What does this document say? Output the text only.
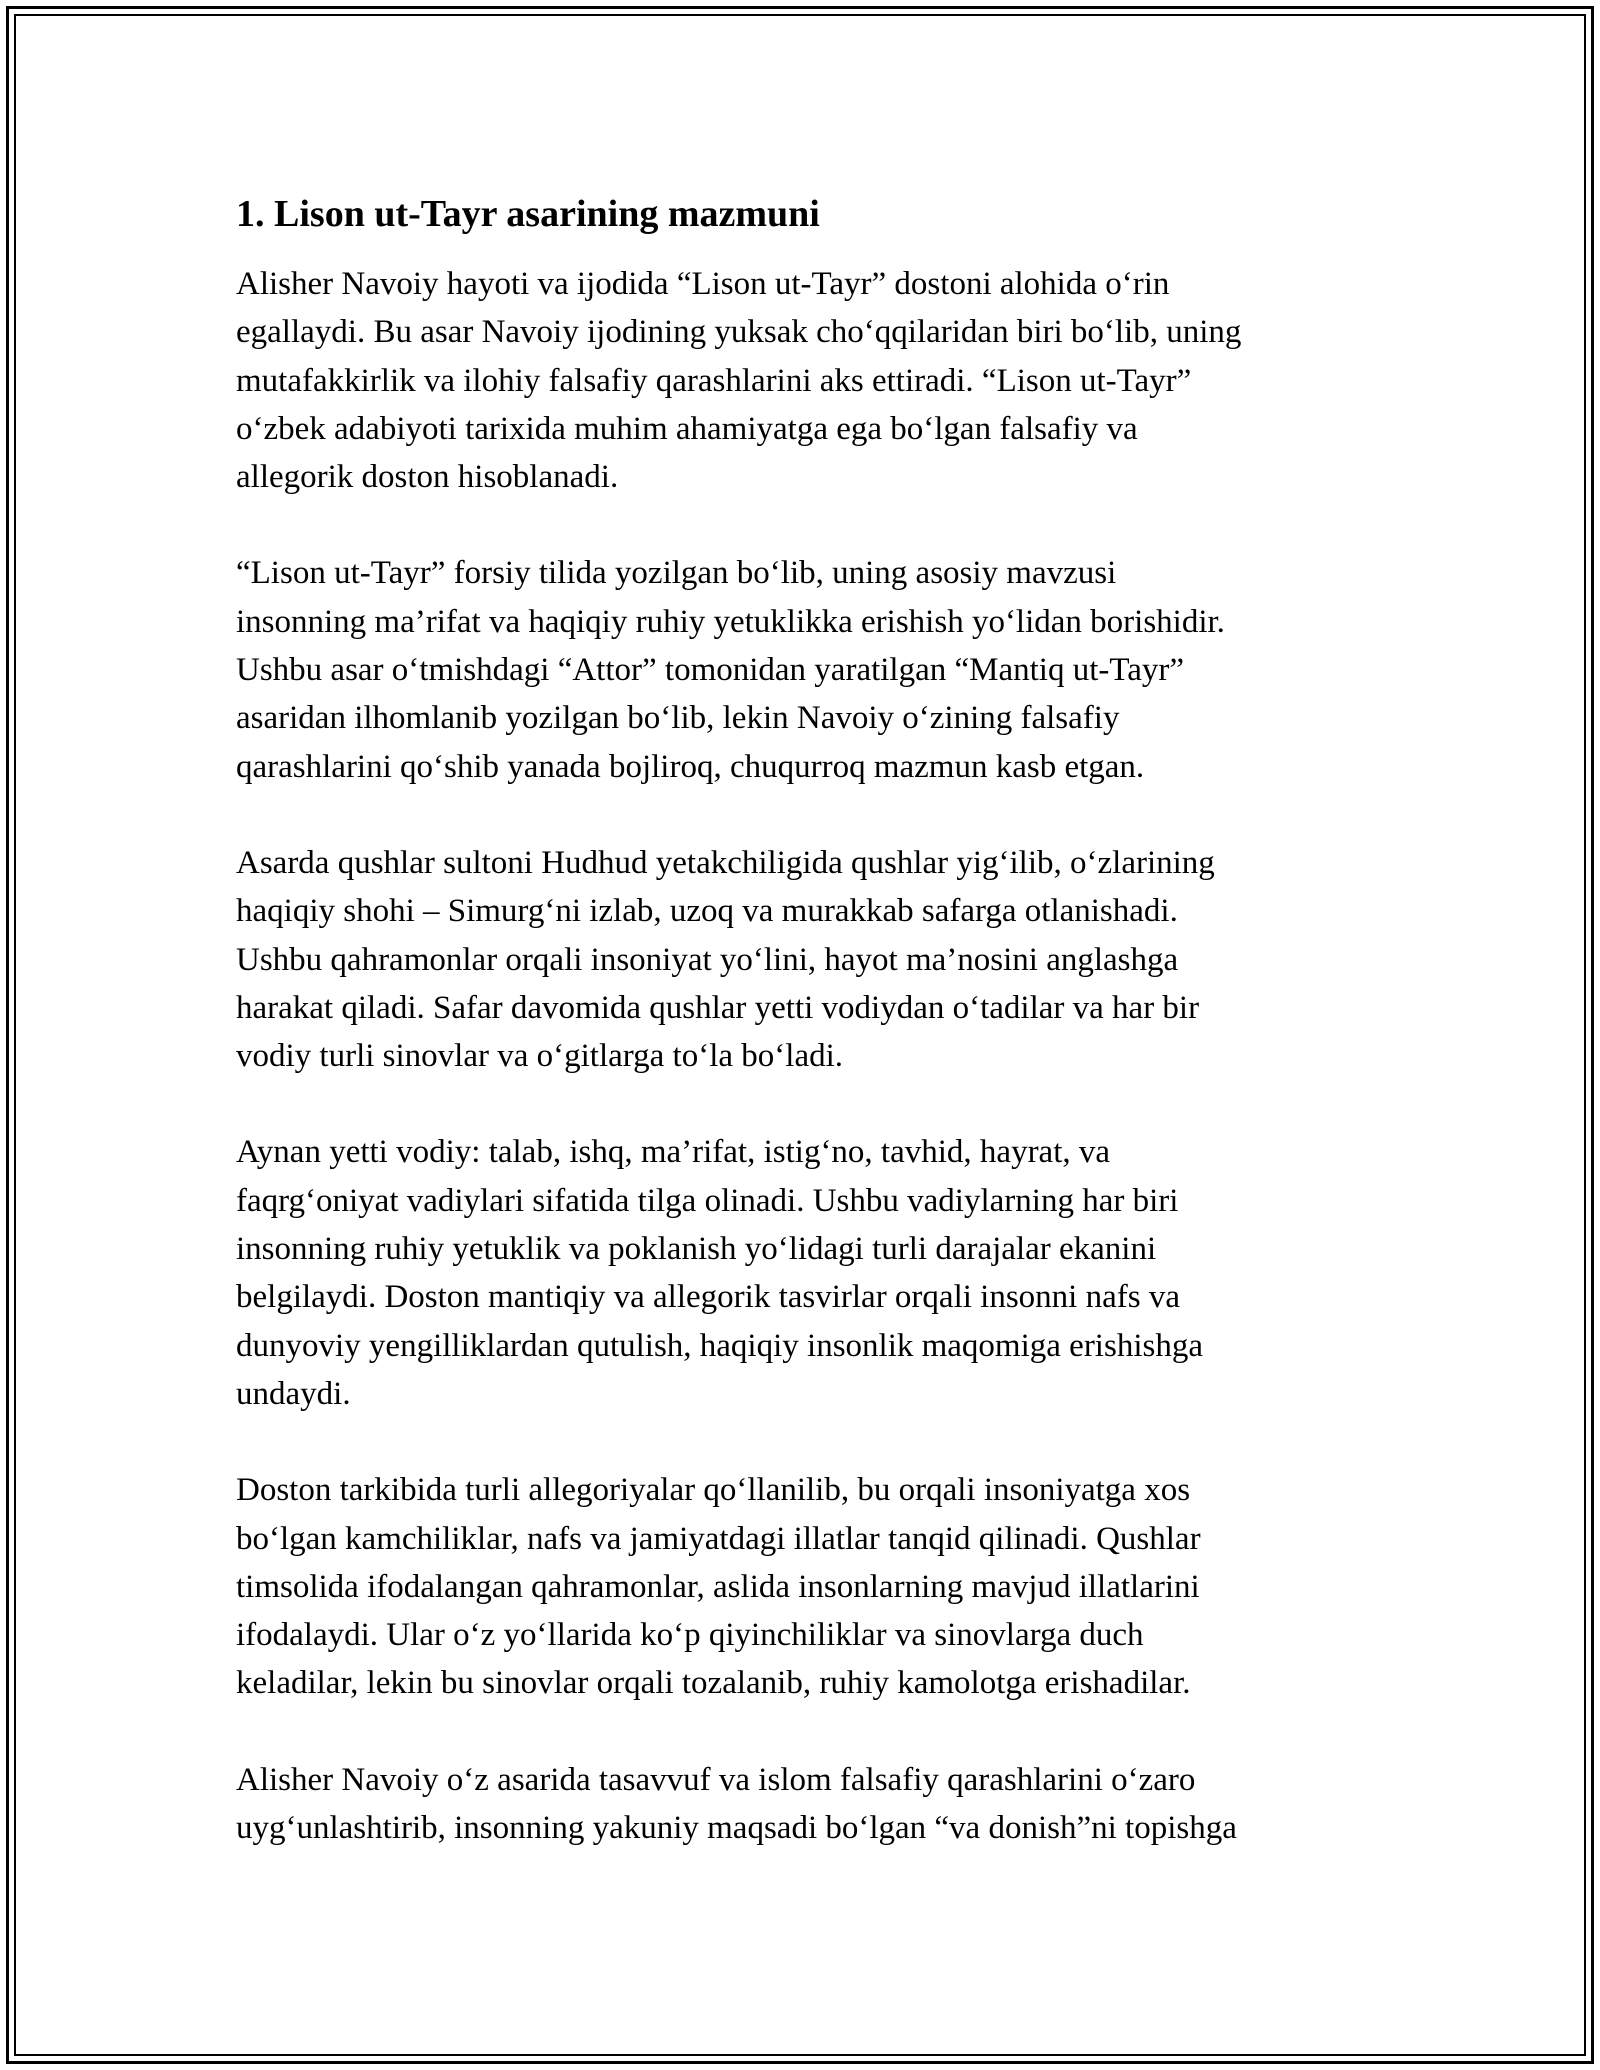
1. Lison ut-Tayr asarining mazmuni

Alisher Navoiy hayoti va ijodida “Lison ut-Tayr” dostoni alohida o‘rin
egallaydi. Bu asar Navoiy ijodining yuksak cho‘qqilaridan biri bo‘lib, uning
mutafakkirlik va ilohiy falsafiy qarashlarini aks ettiradi. “Lison ut-Tayr”
o‘zbek adabiyoti tarixida muhim ahamiyatga ega bo‘lgan falsafiy va
allegorik doston hisoblanadi.

“Lison ut-Tayr” forsiy tilida yozilgan bo‘lib, uning asosiy mavzusi
insonning ma’rifat va haqiqiy ruhiy yetuklikka erishish yo‘lidan borishidir.
Ushbu asar o‘tmishdagi “Attor” tomonidan yaratilgan “Mantiq ut-Tayr”
asaridan ilhomlanib yozilgan bo‘lib, lekin Navoiy o‘zining falsafiy
qarashlarini qo‘shib yanada bojliroq, chuqurroq mazmun kasb etgan.

Asarda qushlar sultoni Hudhud yetakchiligida qushlar yig‘ilib, o‘zlarining
haqiqiy shohi – Simurg‘ni izlab, uzoq va murakkab safarga otlanishadi.
Ushbu qahramonlar orqali insoniyat yo‘lini, hayot ma’nosini anglashga
harakat qiladi. Safar davomida qushlar yetti vodiydan o‘tadilar va har bir
vodiy turli sinovlar va o‘gitlarga to‘la bo‘ladi.

Aynan yetti vodiy: talab, ishq, ma’rifat, istig‘no, tavhid, hayrat, va
faqrg‘oniyat vadiylari sifatida tilga olinadi. Ushbu vadiylarning har biri
insonning ruhiy yetuklik va poklanish yo‘lidagi turli darajalar ekanini
belgilaydi. Doston mantiqiy va allegorik tasvirlar orqali insonni nafs va
dunyoviy yengilliklardan qutulish, haqiqiy insonlik maqomiga erishishga
undaydi.

Doston tarkibida turli allegoriyalar qo‘llanilib, bu orqali insoniyatga xos
bo‘lgan kamchiliklar, nafs va jamiyatdagi illatlar tanqid qilinadi. Qushlar
timsolida ifodalangan qahramonlar, aslida insonlarning mavjud illatlarini
ifodalaydi. Ular o‘z yo‘llarida ko‘p qiyinchiliklar va sinovlarga duch
keladilar, lekin bu sinovlar orqali tozalanib, ruhiy kamolotga erishadilar.

Alisher Navoiy o‘z asarida tasavvuf va islom falsafiy qarashlarini o‘zaro
uyg‘unlashtirib, insonning yakuniy maqsadi bo‘lgan “va donish”ni topishga
